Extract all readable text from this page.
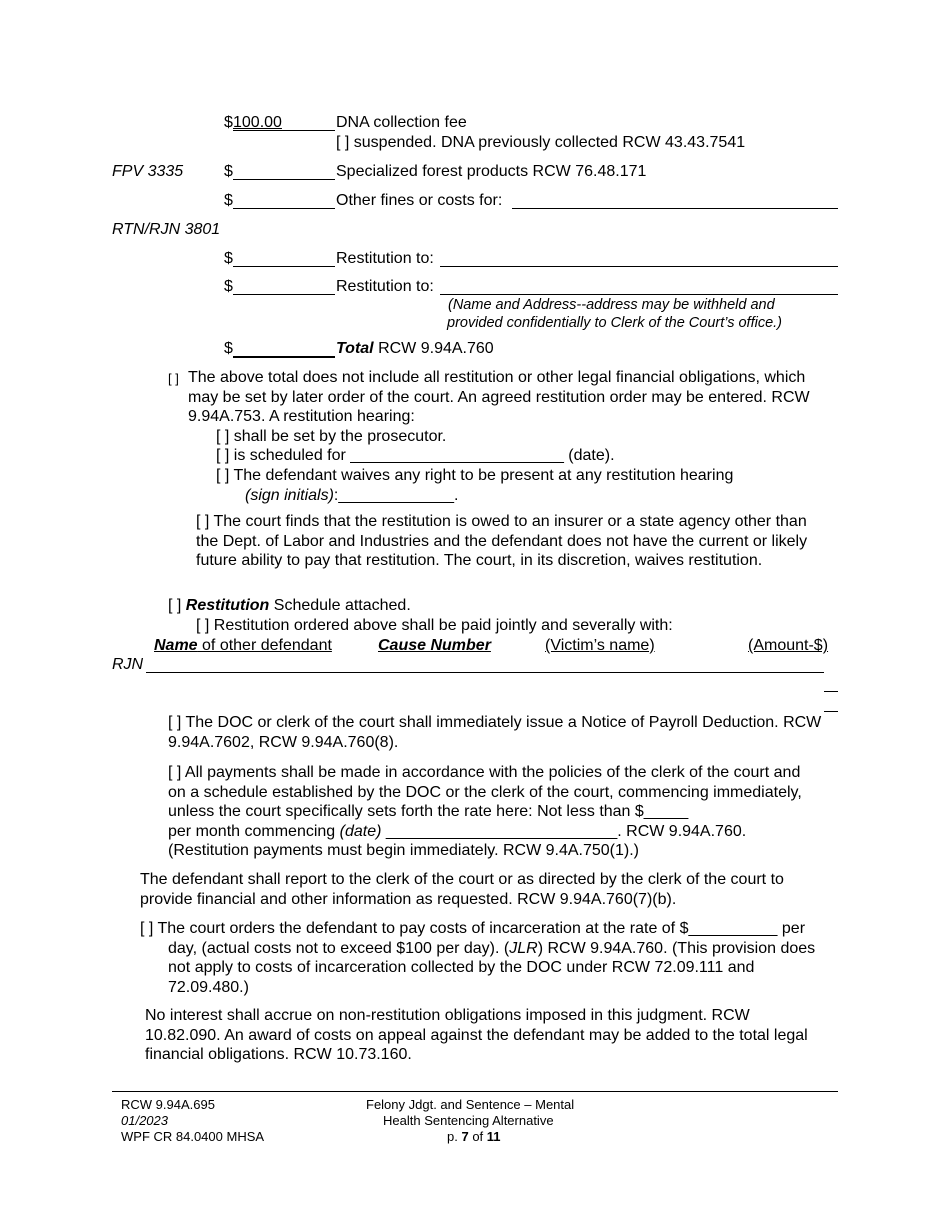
$ 100.00	DNA collection fee
[ ] suspended. DNA previously collected RCW 43.43.7541
FPV 3335	$	Specialized forest products RCW 76.48.171
$	Other fines or costs for:
RTN/RJN 3801
$	Restitution to:
$	Restitution to:
(Name and Address--address may be withheld and
provided confidentially to Clerk of the Court’s office.)
$	Total RCW 9.94A.760
[ ] The above total does not include all restitution or other legal financial obligations, which may be set by later order of the court. An agreed restitution order may be entered. RCW 9.94A.753. A restitution hearing:
[ ] shall be set by the prosecutor.
[ ] is scheduled for ________________________ (date).
[ ] The defendant waives any right to be present at any restitution hearing
(sign initials):_____________.
[ ] The court finds that the restitution is owed to an insurer or a state agency other than the Dept. of Labor and Industries and the defendant does not have the current or likely future ability to pay that restitution. The court, in its discretion, waives restitution.
[ ] Restitution Schedule attached.
[ ] Restitution ordered above shall be paid jointly and severally with:
Name of other defendant	Cause Number	(Victim’s name)	(Amount-$)
RJN
[ ] The DOC or clerk of the court shall immediately issue a Notice of Payroll Deduction. RCW 9.94A.7602, RCW 9.94A.760(8).
[ ] All payments shall be made in accordance with the policies of the clerk of the court and on a schedule established by the DOC or the clerk of the court, commencing immediately, unless the court specifically sets forth the rate here: Not less than $_____
per month commencing (date) __________________________. RCW 9.94A.760.
(Restitution payments must begin immediately. RCW 9.4A.750(1).)
The defendant shall report to the clerk of the court or as directed by the clerk of the court to provide financial and other information as requested. RCW 9.94A.760(7)(b).
[ ] The court orders the defendant to pay costs of incarceration at the rate of $__________ per day, (actual costs not to exceed $100 per day). (JLR) RCW 9.94A.760. (This provision does not apply to costs of incarceration collected by the DOC under RCW 72.09.111 and 72.09.480.)
No interest shall accrue on non-restitution obligations imposed in this judgment. RCW 10.82.090. An award of costs on appeal against the defendant may be added to the total legal financial obligations. RCW 10.73.160.
RCW 9.94A.695
01/2023
WPF CR 84.0400 MHSA
Felony Jdgt. and Sentence – Mental
Health Sentencing Alternative
p. 7 of 11
